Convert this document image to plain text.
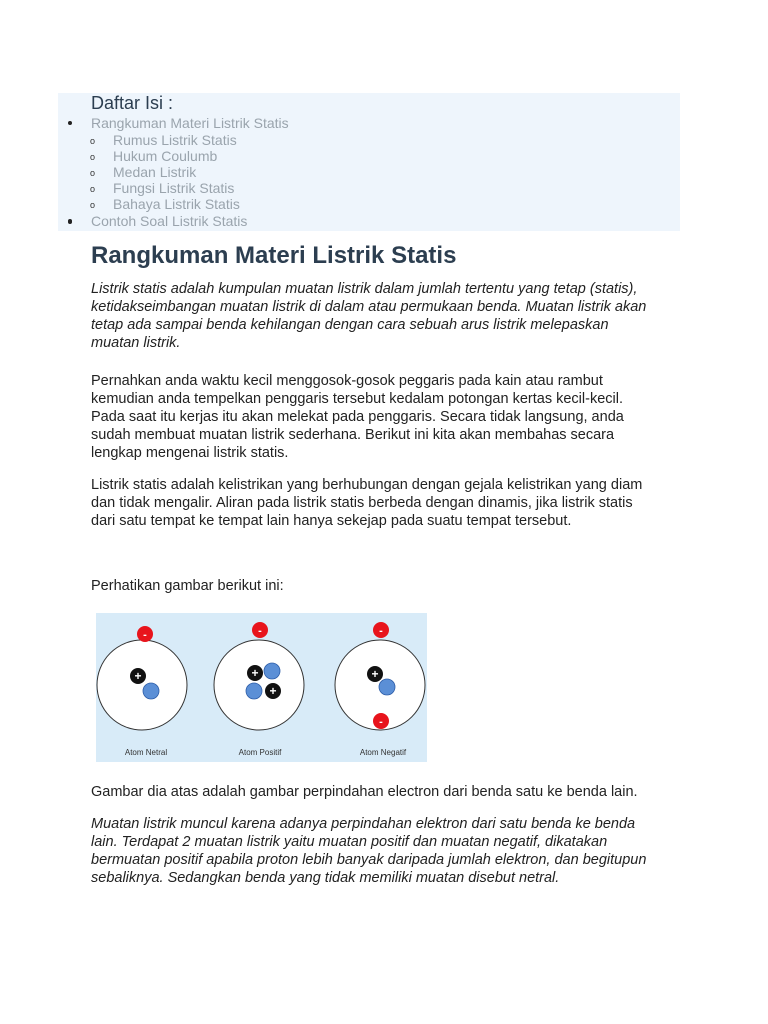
Daftar Isi :
Rangkuman Materi Listrik Statis
o Rumus Listrik Statis
o Hukum Coulumb
o Medan Listrik
o Fungsi Listrik Statis
o Bahaya Listrik Statis
Contoh Soal Listrik Statis
Rangkuman Materi Listrik Statis
Listrik statis adalah kumpulan muatan listrik dalam jumlah tertentu yang tetap (statis),
ketidakseimbangan muatan listrik di dalam atau permukaan benda. Muatan listrik akan
tetap ada sampai benda kehilangan dengan cara sebuah arus listrik melepaskan
muatan listrik.
Pernahkan anda waktu kecil menggosok-gosok peggaris pada kain atau rambut
kemudian anda tempelkan penggaris tersebut kedalam potongan kertas kecil-kecil.
Pada saat itu kerjas itu akan melekat pada penggaris. Secara tidak langsung, anda
sudah membuat muatan listrik sederhana. Berikut ini kita akan membahas secara
lengkap mengenai listrik statis.
Listrik statis adalah kelistrikan yang berhubungan dengan gejala kelistrikan yang diam
dan tidak mengalir. Aliran pada listrik statis berbeda dengan dinamis, jika listrik statis
dari satu tempat ke tempat lain hanya sekejap pada suatu tempat tersebut.
Perhatikan gambar berikut ini:
-
+
Atom Netral
-
+
+
Atom Positif
-
+
-
Atom Negatif
Gambar dia atas adalah gambar perpindahan electron dari benda satu ke benda lain.
Muatan listrik muncul karena adanya perpindahan elektron dari satu benda ke benda
lain. Terdapat 2 muatan listrik yaitu muatan positif dan muatan negatif, dikatakan
bermuatan positif apabila proton lebih banyak daripada jumlah elektron, dan begitupun
sebaliknya. Sedangkan benda yang tidak memiliki muatan disebut netral.
